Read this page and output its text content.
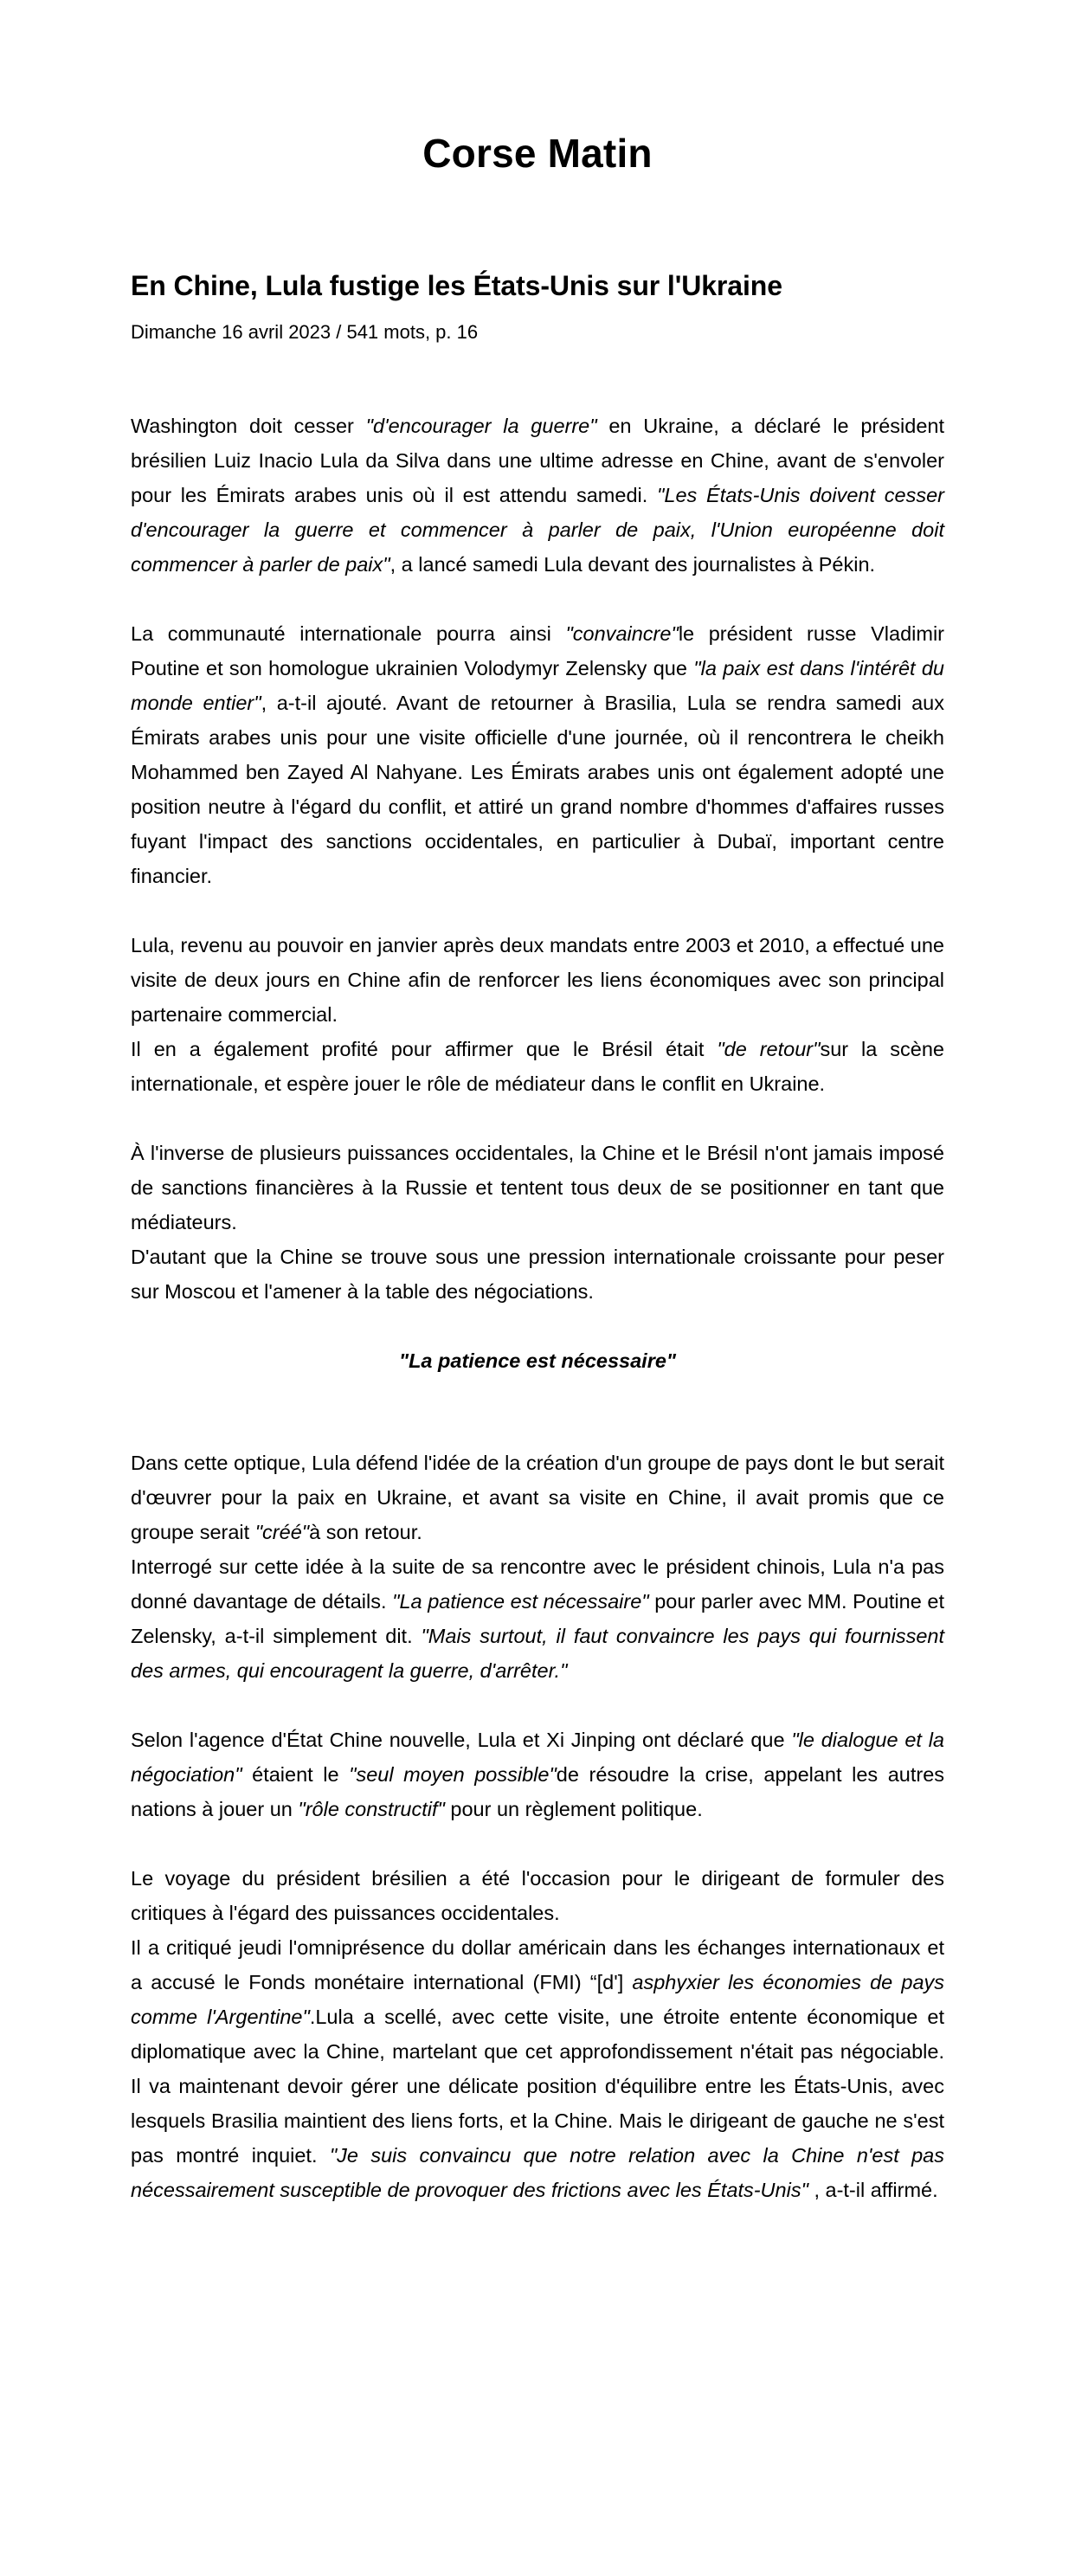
Corse Matin
En Chine, Lula fustige les États-Unis sur l'Ukraine
Dimanche 16 avril 2023 / 541 mots, p. 16

Washington doit cesser "d'encourager la guerre" en Ukraine, a déclaré le président brésilien Luiz Inacio Lula da Silva dans une ultime adresse en Chine, avant de s'envoler pour les Émirats arabes unis où il est attendu samedi. "Les États-Unis doivent cesser d'encourager la guerre et commencer à parler de paix, l'Union européenne doit commencer à parler de paix", a lancé samedi Lula devant des journalistes à Pékin.

La communauté internationale pourra ainsi "convaincre"le président russe Vladimir Poutine et son homologue ukrainien Volodymyr Zelensky que "la paix est dans l'intérêt du monde entier", a-t-il ajouté. Avant de retourner à Brasilia, Lula se rendra samedi aux Émirats arabes unis pour une visite officielle d'une journée, où il rencontrera le cheikh Mohammed ben Zayed Al Nahyane. Les Émirats arabes unis ont également adopté une position neutre à l'égard du conflit, et attiré un grand nombre d'hommes d'affaires russes fuyant l'impact des sanctions occidentales, en particulier à Dubaï, important centre financier.

Lula, revenu au pouvoir en janvier après deux mandats entre 2003 et 2010, a effectué une visite de deux jours en Chine afin de renforcer les liens économiques avec son principal partenaire commercial.

Il en a également profité pour affirmer que le Brésil était "de retour"sur la scène internationale, et espère jouer le rôle de médiateur dans le conflit en Ukraine.

À l'inverse de plusieurs puissances occidentales, la Chine et le Brésil n'ont jamais imposé de sanctions financières à la Russie et tentent tous deux de se positionner en tant que médiateurs.

D'autant que la Chine se trouve sous une pression internationale croissante pour peser sur Moscou et l'amener à la table des négociations.

"La patience est nécessaire"

Dans cette optique, Lula défend l'idée de la création d'un groupe de pays dont le but serait d'œuvrer pour la paix en Ukraine, et avant sa visite en Chine, il avait promis que ce groupe serait "créé"à son retour.

Interrogé sur cette idée à la suite de sa rencontre avec le président chinois, Lula n'a pas donné davantage de détails. "La patience est nécessaire" pour parler avec MM. Poutine et Zelensky, a-t-il simplement dit. "Mais surtout, il faut convaincre les pays qui fournissent des armes, qui encouragent la guerre, d'arrêter."

Selon l'agence d'État Chine nouvelle, Lula et Xi Jinping ont déclaré que "le dialogue et la négociation" étaient le "seul moyen possible"de résoudre la crise, appelant les autres nations à jouer un "rôle constructif" pour un règlement politique.

Le voyage du président brésilien a été l'occasion pour le dirigeant de formuler des critiques à l'égard des puissances occidentales.

Il a critiqué jeudi l'omniprésence du dollar américain dans les échanges internationaux et a accusé le Fonds monétaire international (FMI) “[d'] asphyxier les économies de pays comme l'Argentine".Lula a scellé, avec cette visite, une étroite entente économique et diplomatique avec la Chine, martelant que cet approfondissement n'était pas négociable. Il va maintenant devoir gérer une délicate position d'équilibre entre les États-Unis, avec lesquels Brasilia maintient des liens forts, et la Chine. Mais le dirigeant de gauche ne s'est pas montré inquiet. "Je suis convaincu que notre relation avec la Chine n'est pas nécessairement susceptible de provoquer des frictions avec les États-Unis" , a-t-il affirmé.
